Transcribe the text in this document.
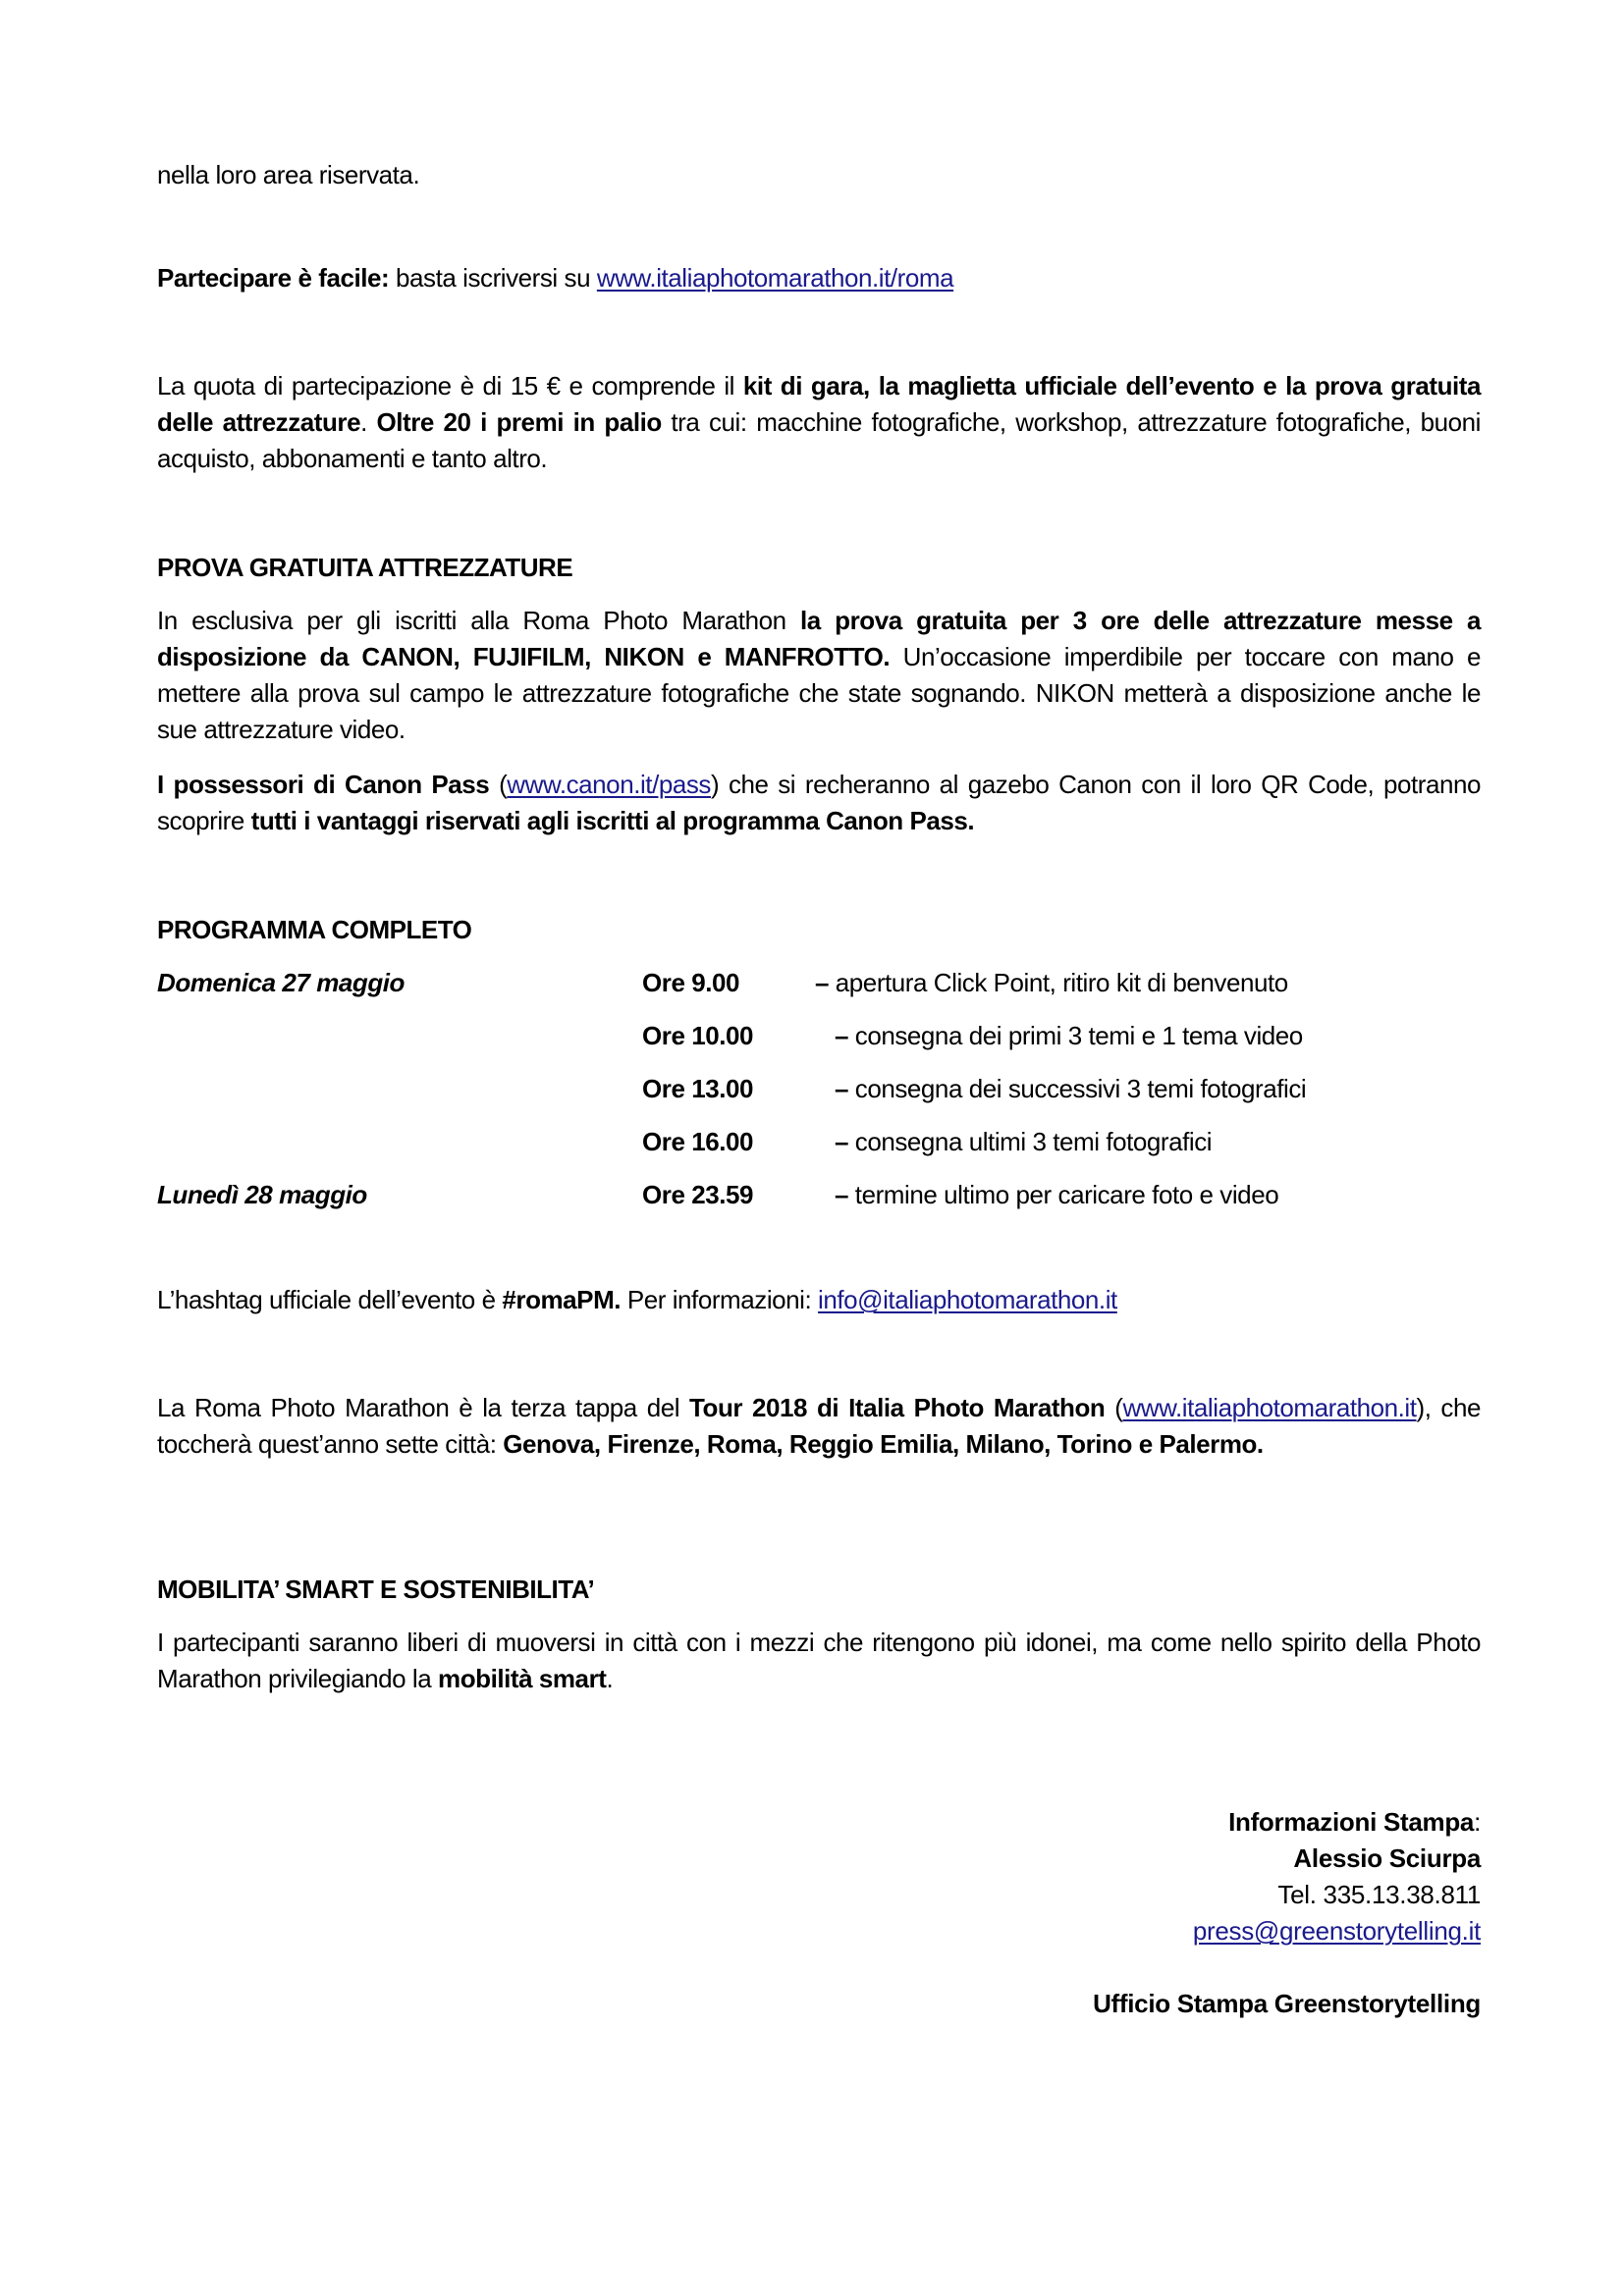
nella loro area riservata.

Partecipare è facile: basta iscriversi su www.italiaphotomarathon.it/roma

La quota di partecipazione è di 15 € e comprende il kit di gara, la maglietta ufficiale dell’evento e la prova gratuita delle attrezzature. Oltre 20 i premi in palio tra cui: macchine fotografiche, workshop, attrezzature fotografiche, buoni acquisto, abbonamenti e tanto altro.

PROVA GRATUITA ATTREZZATURE

In esclusiva per gli iscritti alla Roma Photo Marathon la prova gratuita per 3 ore delle attrezzature messe a disposizione da CANON, FUJIFILM, NIKON e MANFROTTO. Un’occasione imperdibile per toccare con mano e mettere alla prova sul campo le attrezzature fotografiche che state sognando. NIKON metterà a disposizione anche le sue attrezzature video.

I possessori di Canon Pass (www.canon.it/pass) che si recheranno al gazebo Canon con il loro QR Code, potranno scoprire tutti i vantaggi riservati agli iscritti al programma Canon Pass.

PROGRAMMA COMPLETO

Domenica 27 maggio	Ore 9.00	– apertura Click Point, ritiro kit di benvenuto
Ore 10.00	– consegna dei primi 3 temi e 1 tema video
Ore 13.00	– consegna dei successivi 3 temi fotografici
Ore 16.00	– consegna ultimi 3 temi fotografici
Lunedì 28 maggio	Ore 23.59	– termine ultimo per caricare foto e video

L’hashtag ufficiale dell’evento è #romaPM. Per informazioni: info@italiaphotomarathon.it

La Roma Photo Marathon è la terza tappa del Tour 2018 di Italia Photo Marathon (www.italiaphotomarathon.it), che toccherà quest’anno sette città: Genova, Firenze, Roma, Reggio Emilia, Milano, Torino e Palermo.

MOBILITA’ SMART E SOSTENIBILITA’

I partecipanti saranno liberi di muoversi in città con i mezzi che ritengono più idonei, ma come nello spirito della Photo Marathon privilegiando la mobilità smart.

Informazioni Stampa:
Alessio Sciurpa
Tel. 335.13.38.811
press@greenstorytelling.it
Ufficio Stampa Greenstorytelling
